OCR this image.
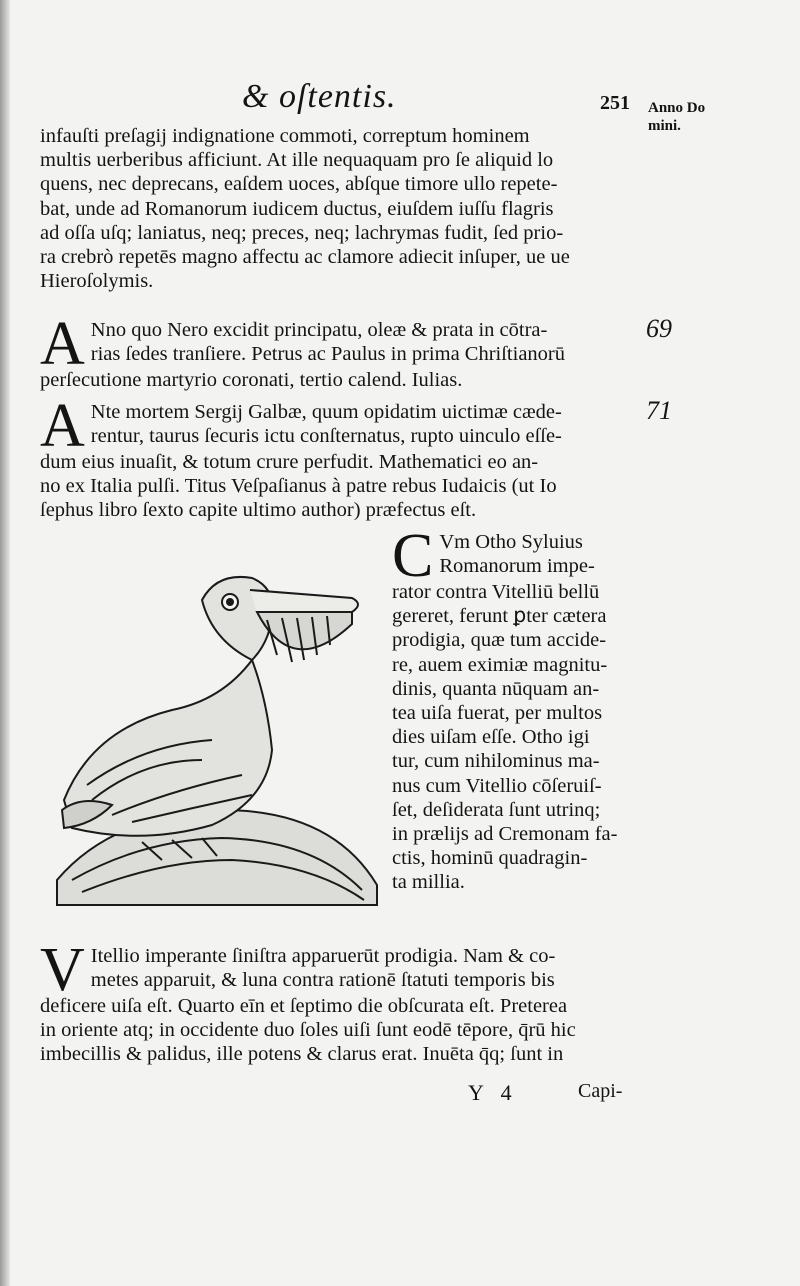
& oſtentis.	251 Anno Do
mini.
infauſti preſagij indignatione commoti, correptum hominem
multis uerberibus afficiunt. At ille nequaquam pro ſe aliquid lo
quens, nec deprecans, eaſdem uoces, abſque timore ullo repete-
bat, unde ad Romanorum iudicem ductus, eiuſdem iuſſu flagris
ad oſſa uſq; laniatus, neq; preces, neq; lachrymas fudit, ſed prio-
ra crebrò repetēs magno affectu ac clamore adiecit inſuper, ue ue
Hieroſolymis.
A Nno quo Nero excidit principatu, oleæ & prata in cōtra-
rias ſedes tranſiere. Petrus ac Paulus in prima Chriſtianorū
perſecutione martyrio coronati, tertio calend. Iulias.
69
A Nte mortem Sergij Galbæ, quum opidatim uictimæ cæde-
rentur, taurus ſecuris ictu conſternatus, rupto uinculo eſſe-
dum eius inuaſit, & totum crure perfudit. Mathematici eo an-
no ex Italia pulſi. Titus Veſpaſianus à patre rebus Iudaicis (ut Io
ſephus libro ſexto capite ultimo author) præfectus eſt.
71
C Vm Otho Syluius
Romanorum impe-
rator contra Vitelliū bellū
gereret, ferunt ꝑter cætera
prodigia, quæ tum accide-
re, auem eximiæ magnitu-
dinis, quanta nūquam an-
tea uiſa fuerat, per multos
dies uiſam eſſe. Otho igi
tur, cum nihilominus ma-
nus cum Vitellio cōſeruiſ-
ſet, deſiderata ſunt utrinq;
in prælijs ad Cremonam fa-
ctis, hominū quadragin-
ta millia.
V Itellio imperante ſiniſtra apparuerūt prodigia. Nam & co-
metes apparuit, & luna contra rationē ſtatuti temporis bis
deficere uiſa eſt. Quarto eīn et ſeptimo die obſcurata eſt. Preterea
in oriente atq; in occidente duo ſoles uiſi ſunt eodē tēpore, q̄rū hic
imbecillis & palidus, ille potens & clarus erat. Inuēta q̄q; ſunt in
Y 4	Capi-
